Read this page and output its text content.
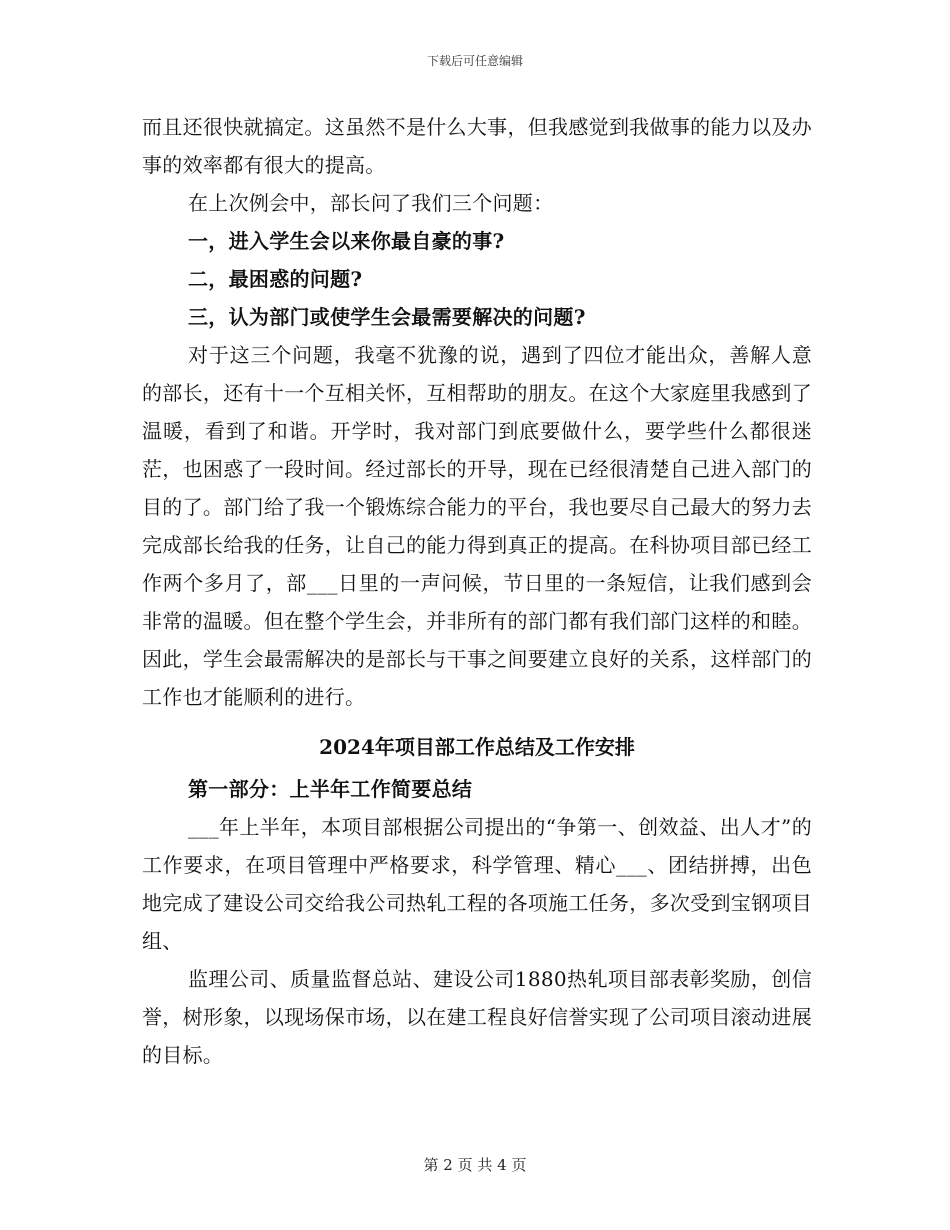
下载后可任意编辑

而且还很快就搞定。这虽然不是什么大事，但我感觉到我做事的能力以及办事的效率都有很大的提高。

在上次例会中，部长问了我们三个问题：

一，进入学生会以来你最自豪的事?

二，最困惑的问题?

三，认为部门或使学生会最需要解决的问题?

对于这三个问题，我毫不犹豫的说，遇到了四位才能出众，善解人意的部长，还有十一个互相关怀，互相帮助的朋友。在这个大家庭里我感到了温暖，看到了和谐。开学时，我对部门到底要做什么，要学些什么都很迷茫，也困惑了一段时间。经过部长的开导，现在已经很清楚自己进入部门的目的了。部门给了我一个锻炼综合能力的平台，我也要尽自己最大的努力去完成部长给我的任务，让自己的能力得到真正的提高。在科协项目部已经工作两个多月了，部___日里的一声问候，节日里的一条短信，让我们感到会非常的温暖。但在整个学生会，并非所有的部门都有我们部门这样的和睦。因此，学生会最需解决的是部长与干事之间要建立良好的关系，这样部门的工作也才能顺利的进行。

2024年项目部工作总结及工作安排

第一部分：上半年工作简要总结

___年上半年，本项目部根据公司提出的“争第一、创效益、出人才”的工作要求，在项目管理中严格要求，科学管理、精心___、团结拼搏，出色地完成了建设公司交给我公司热轧工程的各项施工任务，多次受到宝钢项目组、

监理公司、质量监督总站、建设公司1880热轧项目部表彰奖励，创信誉，树形象，以现场保市场，以在建工程良好信誉实现了公司项目滚动进展的目标。

第 2 页 共 4 页
